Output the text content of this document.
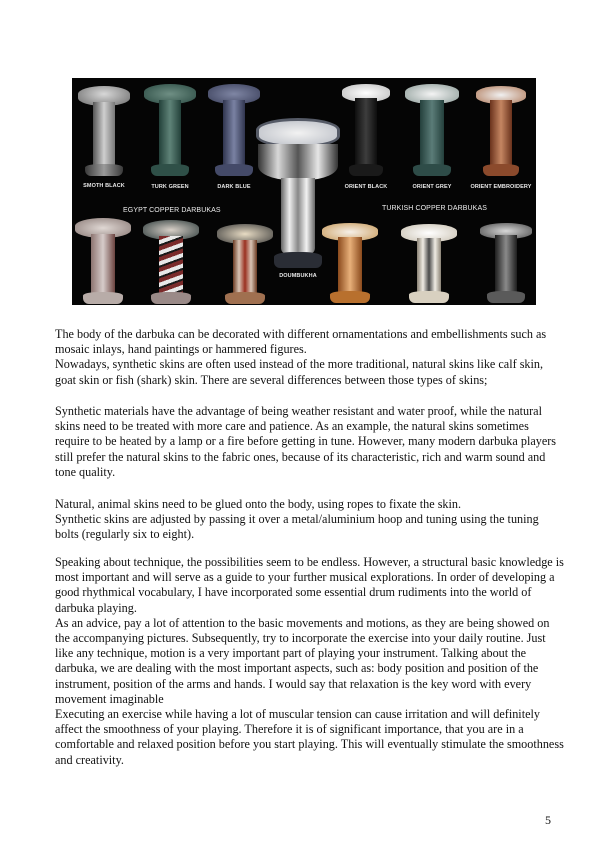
SMOTH BLACK	TURK GREEN	DARK BLUE	ORIENT BLACK	ORIENT GREY	ORIENT EMBROIDERY
DOUMBUKHA
EGYPT COPPER DARBUKAS	TURKISH COPPER DARBUKAS

The body of the darbuka can be decorated with different ornamentations and embellishments such as mosaic inlays, hand paintings or hammered figures.

Nowadays, synthetic skins are often used instead of the more traditional, natural skins like calf skin, goat skin or fish (shark) skin. There are several differences between those types of skins;

Synthetic materials have the advantage of being weather resistant and water proof, while the natural skins need to be treated with more care and patience. As an example, the natural skins sometimes require to be heated by a lamp or a fire before getting in tune. However, many modern darbuka players still prefer the natural skins to the fabric ones, because of its characteristic, rich and warm sound and tone quality.

Natural, animal skins need to be glued onto the body, using ropes to fixate the skin.

Synthetic skins are adjusted by passing it over a metal/aluminium hoop and tuning using the tuning bolts (regularly six to eight).

Speaking about technique, the possibilities seem to be endless. However, a structural basic knowledge is most important and will serve as a guide to your further musical explorations. In order of developing a good rhythmical vocabulary, I have incorporated some essential drum rudiments into the world of darbuka playing.

As an advice, pay a lot of attention to the basic movements and motions, as they are being showed on the accompanying pictures. Subsequently, try to incorporate the exercise into your daily routine. Just like any technique, motion is a very important part of playing your instrument. Talking about the darbuka, we are dealing with the most important aspects, such as: body position and position of the instrument, position of the arms and hands. I would say that relaxation is the key word with every movement imaginable

Executing an exercise while having a lot of muscular tension can cause irritation and will definitely affect the smoothness of your playing. Therefore it is of significant importance, that you are in a comfortable and relaxed position before you start playing. This will eventually stimulate the smoothness and creativity.

5
